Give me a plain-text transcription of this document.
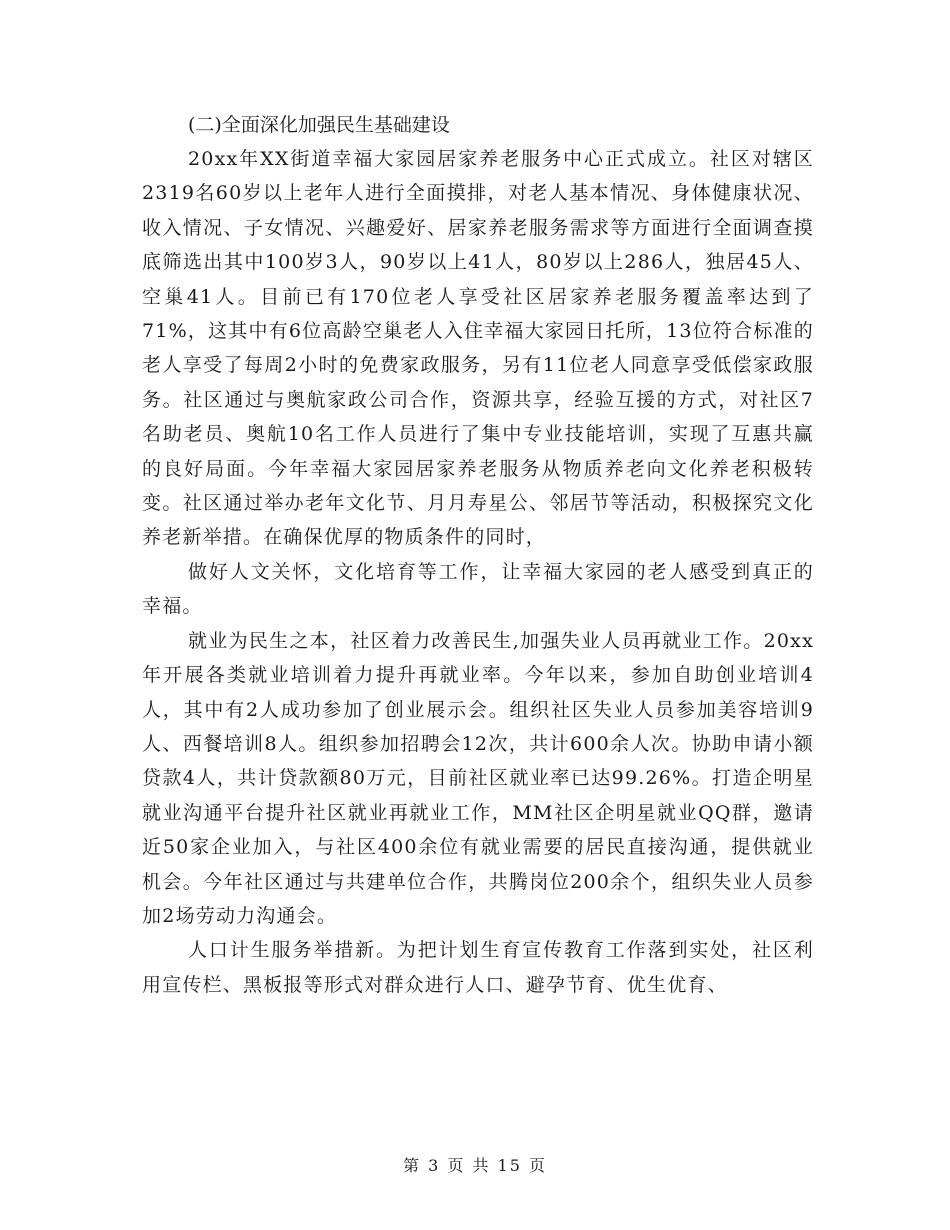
(二)全面深化加强民生基础建设

20xx年XX街道幸福大家园居家养老服务中心正式成立。社区对辖区2319名60岁以上老年人进行全面摸排，对老人基本情况、身体健康状况、收入情况、子女情况、兴趣爱好、居家养老服务需求等方面进行全面调查摸底筛选出其中100岁3人，90岁以上41人，80岁以上286人，独居45人、空巢41人。目前已有170位老人享受社区居家养老服务覆盖率达到了71%，这其中有6位高龄空巢老人入住幸福大家园日托所，13位符合标准的老人享受了每周2小时的免费家政服务，另有11位老人同意享受低偿家政服务。社区通过与奥航家政公司合作，资源共享，经验互援的方式，对社区7名助老员、奥航10名工作人员进行了集中专业技能培训，实现了互惠共赢的良好局面。今年幸福大家园居家养老服务从物质养老向文化养老积极转变。社区通过举办老年文化节、月月寿星公、邻居节等活动，积极探究文化养老新举措。在确保优厚的物质条件的同时，

做好人文关怀，文化培育等工作，让幸福大家园的老人感受到真正的幸福。

就业为民生之本，社区着力改善民生,加强失业人员再就业工作。20xx年开展各类就业培训着力提升再就业率。今年以来，参加自助创业培训4人，其中有2人成功参加了创业展示会。组织社区失业人员参加美容培训9人、西餐培训8人。组织参加招聘会12次，共计600余人次。协助申请小额贷款4人，共计贷款额80万元，目前社区就业率已达99.26%。打造企明星就业沟通平台提升社区就业再就业工作，MM社区企明星就业QQ群，邀请近50家企业加入，与社区400余位有就业需要的居民直接沟通，提供就业机会。今年社区通过与共建单位合作，共腾岗位200余个，组织失业人员参加2场劳动力沟通会。

人口计生服务举措新。为把计划生育宣传教育工作落到实处，社区利用宣传栏、黑板报等形式对群众进行人口、避孕节育、优生优育、

第 3 页 共 15 页
